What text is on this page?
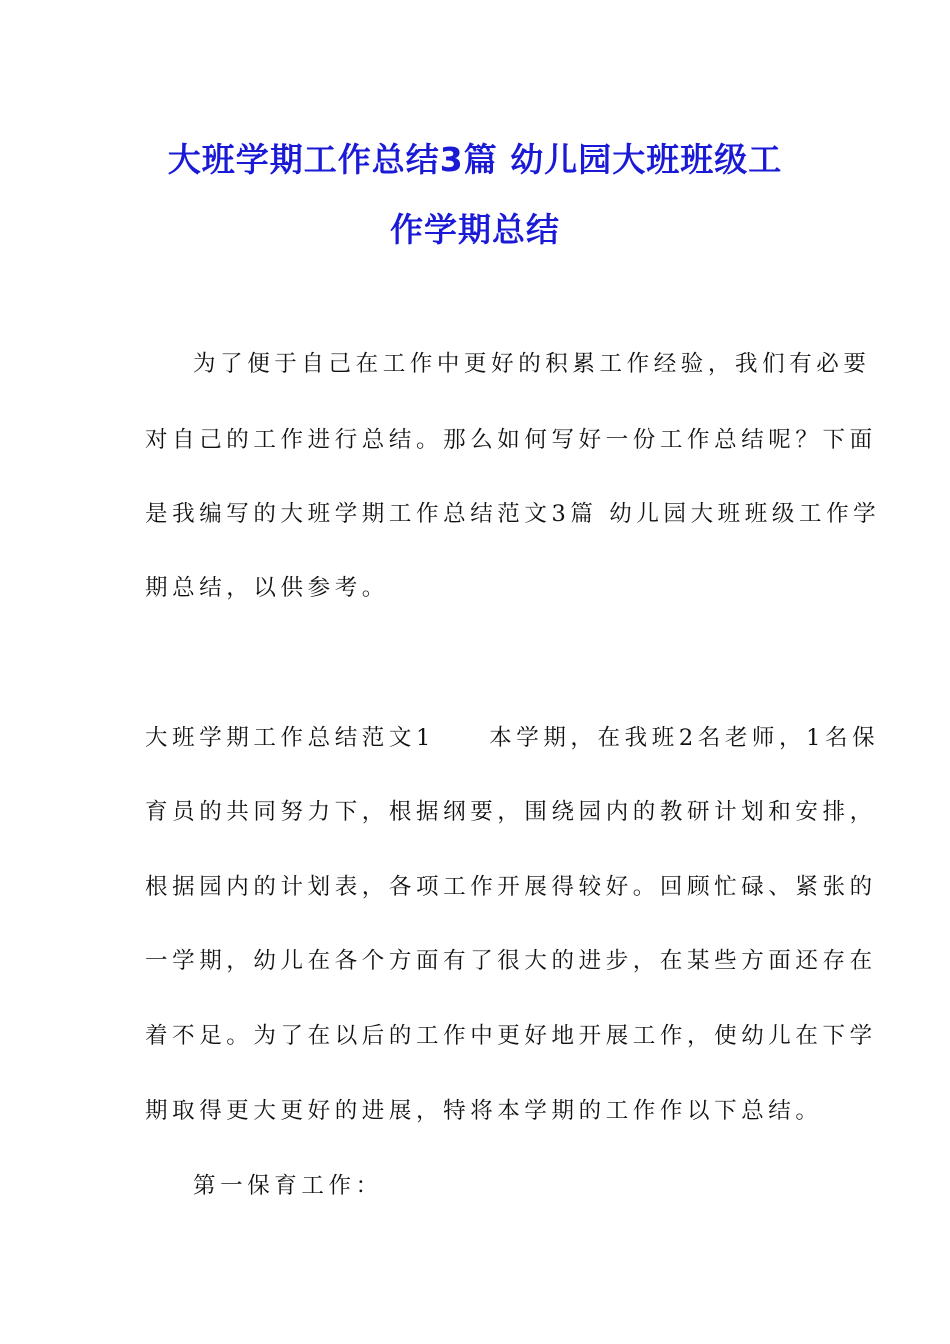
大班学期工作总结3篇 幼儿园大班班级工
作学期总结
为了便于自己在工作中更好的积累工作经验，我们有必要
对自己的工作进行总结。那么如何写好一份工作总结呢？下面
是我编写的大班学期工作总结范文3篇 幼儿园大班班级工作学
期总结，以供参考。
大班学期工作总结范文1　　本学期，在我班2名老师，1名保
育员的共同努力下，根据纲要，围绕园内的教研计划和安排，
根据园内的计划表，各项工作开展得较好。回顾忙碌、紧张的
一学期，幼儿在各个方面有了很大的进步，在某些方面还存在
着不足。为了在以后的工作中更好地开展工作，使幼儿在下学
期取得更大更好的进展，特将本学期的工作作以下总结。
第一保育工作：
